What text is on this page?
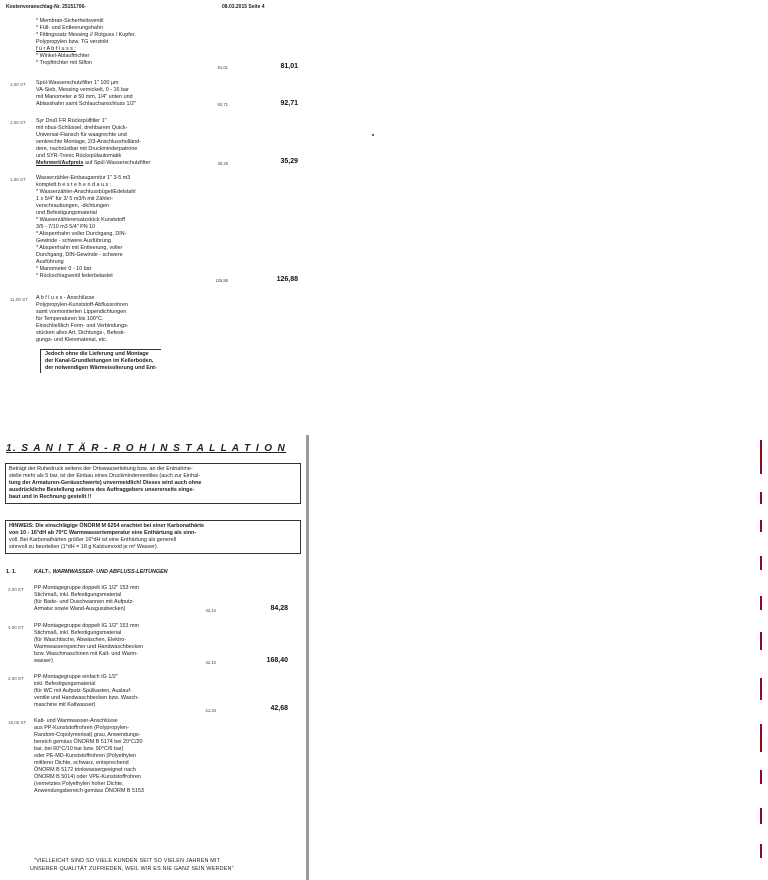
Kostenvoranschlag-Nr. 25151706-	08.03.2015 Seite 4
* Membran-Sicherheitsventil
* Füll- und Entleerungshahn
* Fittingssatz Messing // Rotguss / Kupfer,
Polypropylen bzw. TG verzinkt
f ü r A b f l u s s :
* Winkel-Ablauftrichter
* Tropftrichter mit Siflon
81,01	81,01
1,00 ST Spül-Wasserschutzfilter 1" 100 µm
VA-Sieb, Messing vernickelt, 0 - 16 bar
mit Manometer ø 50 mm, 1/4" unten und
Ablasshahn samt Schlauchanschluss 1/2"	92,71	92,71
1,00 ST Syr Druß FR Rückspülfilter 1"
mit nbus-Schlüssel, drehbarem Quick-
Universal-Flansch für waagrechte und
senkrechte Montage, 2/3-Anschlussholländ-
dere, nachrüstbar mit Druckminderpatrone
und SYR-Tronic Rückspülautomatik
Mehrwert/Aufpreis auf Spül-Wasserschutzfilter	35,29	35,29
1,00 ST Wasserzähler-Einbaugarnitur 1" 3-5 m3
komplett b e s t e h e n d a u s :
* Wasserzähler-Anschlussbügel/Edelstahl
1 x 5/4" für 3/ 5 m3/h mit Zähler-
verschraubungen, -dichtungen
und Befestigungsmaterial
* Wasserzählerersatzstück Kunststoff
3/5 - 7/10 m3 5/4" PN 10
* Absperrhahn voller Durchgang, DIN-
Gewinde - schwere Ausführung
* Absperrhahn mit Entleerung, voller
Durchgang, DIN-Gewinde - schwere
Ausführung
* Manometer 0 - 10 bar
* Rückschlagventil federbelastet
126,88	126,88
11,00 ST A b f l u s s - Anschlüsse
Polypropylen-Kunststoff-Abflussrohren
samt vormontierten Lippendichtungen
für Temperaturen bis 100°C.
Einschließlich Form- und Verbindungs-
stücken alles Art, Dichtungs-, Befesti-
gungs- und Kleinmaterial, etc.
Jedoch ohne die Lieferung und Montage
der Kanal-Grundleitungen im Kellerboden,
der notwendigen Wärmeisolierung und Ent-
1. S A N I T Ä R - R O H I N S T A L L A T I O N
Beträgt der Ruhedruck seitens der Ortswasserleitung bzw. an der Entnahme-
stelle mehr als 5 bar, ist der Einbau eines Druckminderventiles (auch zur Einhal-
tung der Armaturen-Geräuschwerte) unvermeidlich! Dieses wird auch ohne
ausdrückliche Bestellung seitens des Auftraggebers unsererseits einge-
baut und in Rechnung gestellt !!
HINWEIS: Die einschlägige ÖNORM M 6254 erachtet bei einer Karbonathärte
von 10 - 16°dH ab 70°C Warmwassertemperatur eine Enthärtung als sinn-
voll. Bei Karbonathärten größer 16°dH ist eine Enthärtung als generell
sinnvoll zu beurteilen (1°dH = 18 g Kalziumoxid je m³ Wasser).
1. 1.	KALT-, WARMWASSER- UND ABFLUSS-LEITUNGEN
2,00 ST PP-Montagegruppe doppelt IG 1/2" 153 mm
Stichmaß, inkl. Befestigungsmaterial
(für Bade- und Duschwannen mit Aufputz-
Armatur sowie Wand-Ausgussbecken)	42,14	84,28
4,00 ST PP-Montagegruppe doppelt IG 1/2" 153 mm
Stichmaß, inkl. Befestigungsmaterial
(für Waschtische, Abwäschen, Elektro-
Warmwasserspeicher und Handwaschbecken
bzw. Waschmaschinen mit Kalt- und Warm-
wasser)	42,10	168,40
2,00 ST PP-Montagegruppe einfach IG 1/2"
inkl. Befestigungsmaterial
(für WC mit Aufputz-Spülkasten, Auslauf-
ventile und Handwaschbecken bzw. Wasch-
maschine mit Kaltwasser)
21,34	42,68
18,00 ST Kalt- und Warmwasser-Anschlüsse
aus PP-Kunststoffrohren (Polypropylen-
Random-Copolymerisat) grau, Anwendungs-
bereich gemäss ÖNORM B 5174 bei 20°C/20
bar, bei 60°C/10 bar bzw. 90°C/6 bar)
oder PE-MD-Kunststoffrohren (Polyethylen
mittlerer Dichte, schwarz, entsprechend
ÖNORM B 5172 trinkwassergeeignet nach
ÖNORM B 5014) oder VPE-Kunststoffrohren
(vernetztes Polyethylen hoher Dichte,
Anwendungsbereich gemäss ÖNORM B 5153
"VIELLEICHT SIND SO VIELE KUNDEN SEIT SO VIELEN JAHREN MIT
UNSERER QUALITÄT ZUFRIEDEN, WEIL WIR ES NIE GANZ SEIN WERDEN"
